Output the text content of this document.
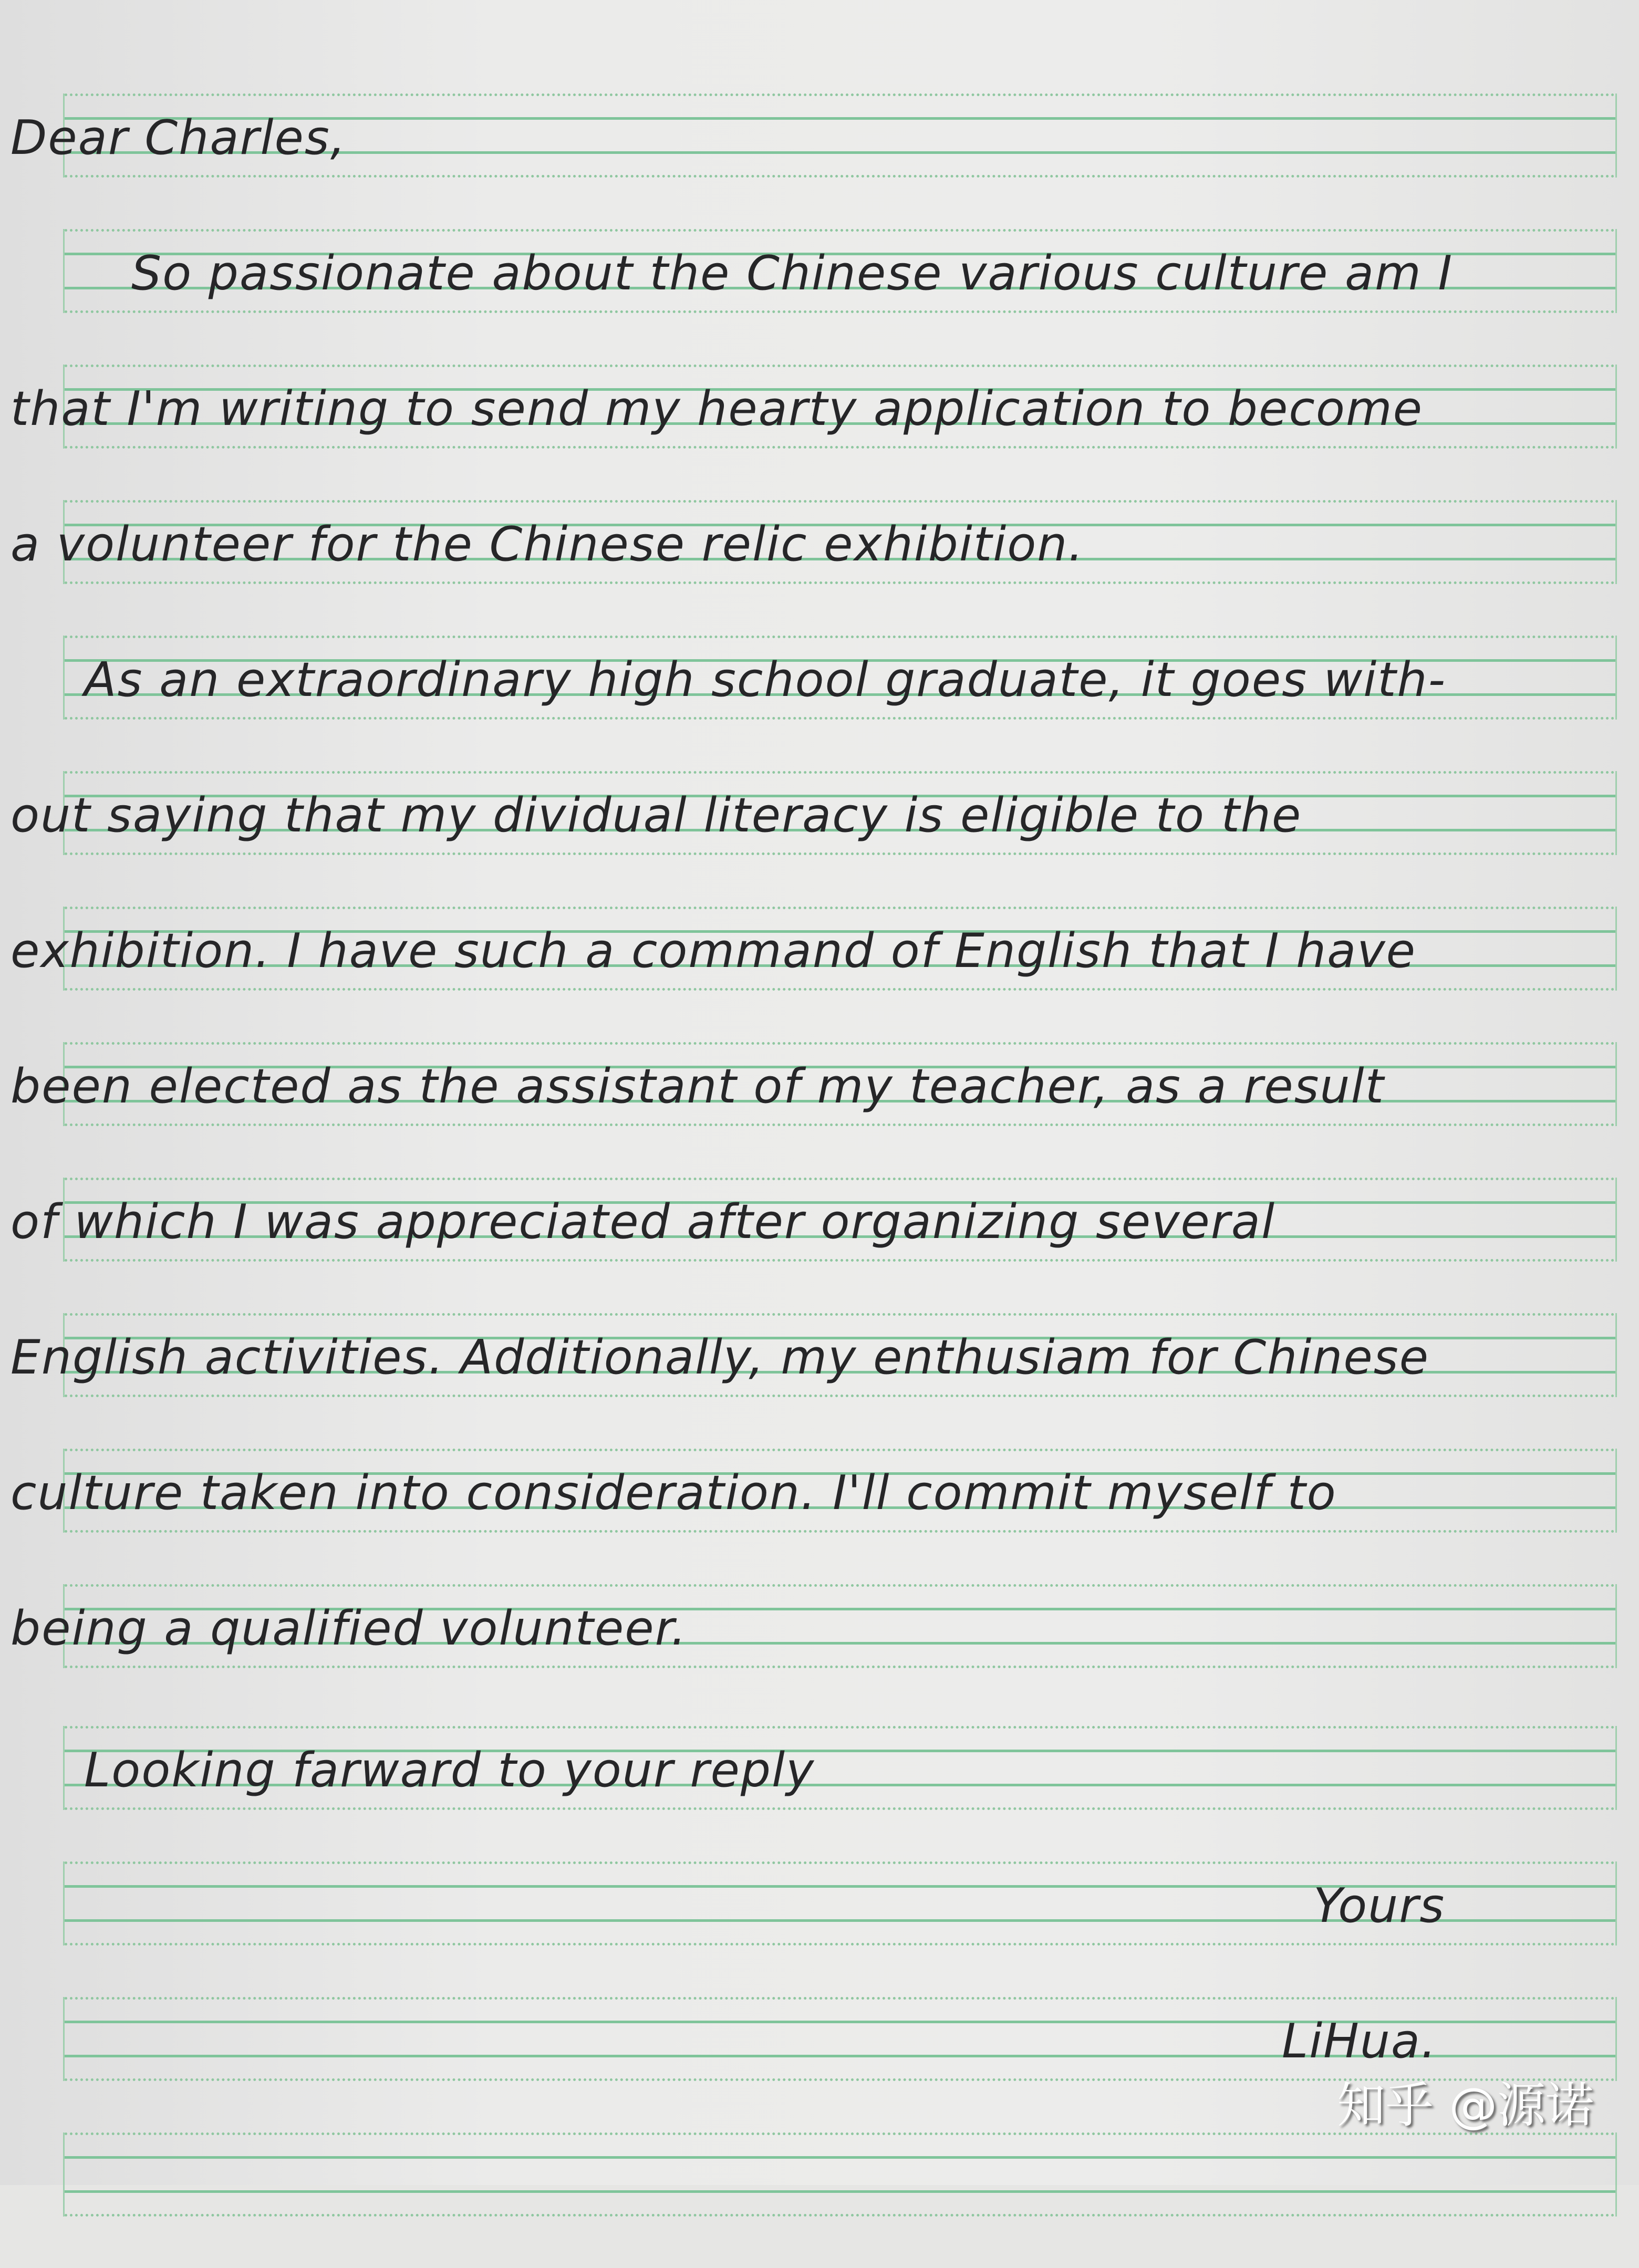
Dear Charles,
So passionate about the Chinese various culture am I
that I'm writing to send my hearty application to become
a volunteer for the Chinese relic exhibition.
As an extraordinary high school graduate, it goes with-
out saying that my dividual literacy is eligible to the
exhibition. I have such a command of English that I have
been elected as the assistant of my teacher, as a result
of which I was appreciated after organizing several
English activities. Additionally, my enthusiam for Chinese
culture taken into consideration. I'll commit myself to
being a qualified volunteer.
Looking farward to your reply
Yours
LiHua.
知乎 @源诺
